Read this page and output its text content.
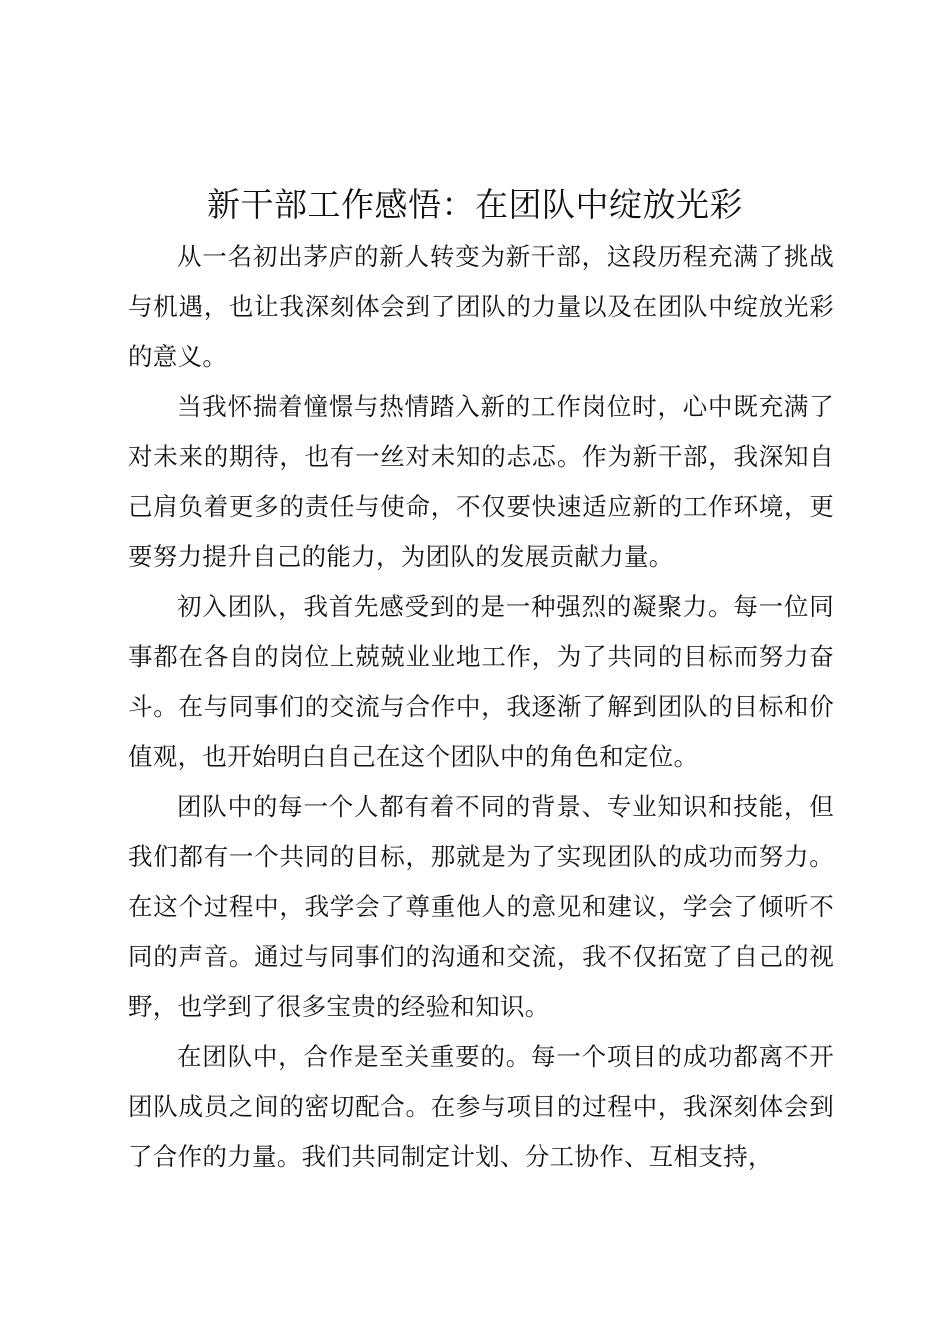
新干部工作感悟：在团队中绽放光彩

从一名初出茅庐的新人转变为新干部，这段历程充满了挑战与机遇，也让我深刻体会到了团队的力量以及在团队中绽放光彩的意义。

当我怀揣着憧憬与热情踏入新的工作岗位时，心中既充满了对未来的期待，也有一丝对未知的忐忑。作为新干部，我深知自己肩负着更多的责任与使命，不仅要快速适应新的工作环境，更要努力提升自己的能力，为团队的发展贡献力量。

初入团队，我首先感受到的是一种强烈的凝聚力。每一位同事都在各自的岗位上兢兢业业地工作，为了共同的目标而努力奋斗。在与同事们的交流与合作中，我逐渐了解到团队的目标和价值观，也开始明白自己在这个团队中的角色和定位。

团队中的每一个人都有着不同的背景、专业知识和技能，但我们都有一个共同的目标，那就是为了实现团队的成功而努力。在这个过程中，我学会了尊重他人的意见和建议，学会了倾听不同的声音。通过与同事们的沟通和交流，我不仅拓宽了自己的视野，也学到了很多宝贵的经验和知识。

在团队中，合作是至关重要的。每一个项目的成功都离不开团队成员之间的密切配合。在参与项目的过程中，我深刻体会到了合作的力量。我们共同制定计划、分工协作、互相支持，
